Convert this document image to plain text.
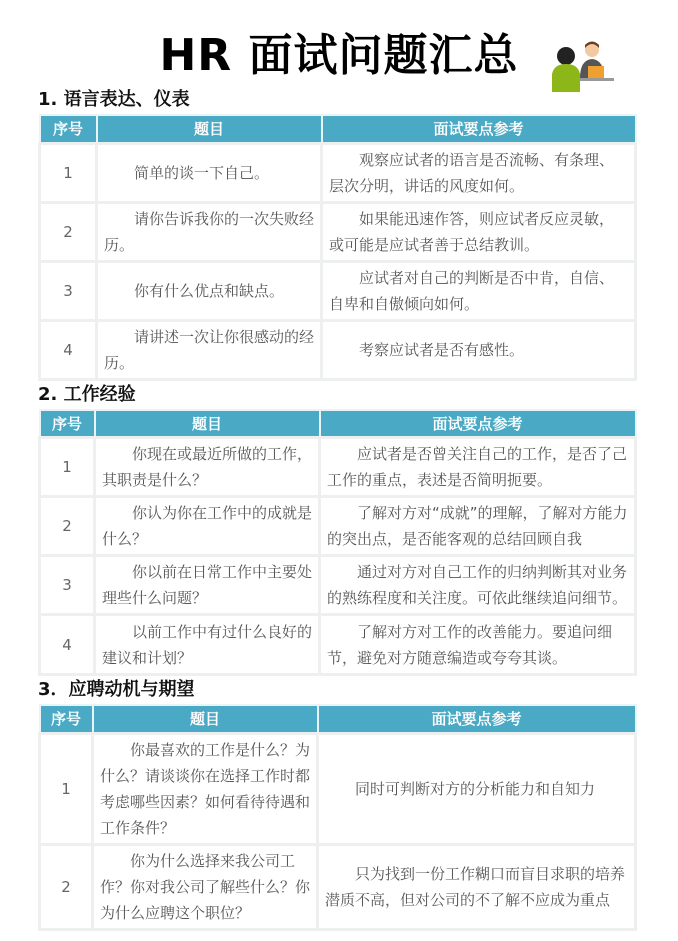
HR 面试问题汇总
1. 语言表达、仪表
序号	题目	面试要点参考
1	简单的谈一下自己。	观察应试者的语言是否流畅、有条理、层次分明，讲话的风度如何。
2	请你告诉我你的一次失败经历。	如果能迅速作答，则应试者反应灵敏，或可能是应试者善于总结教训。
3	你有什么优点和缺点。	应试者对自己的判断是否中肯，自信、自卑和自傲倾向如何。
4	请讲述一次让你很感动的经历。	考察应试者是否有感性。
2. 工作经验
序号	题目	面试要点参考
1	你现在或最近所做的工作，其职责是什么？	应试者是否曾关注自己的工作，是否了己工作的重点，表述是否简明扼要。
2	你认为你在工作中的成就是什么？	了解对方对“成就”的理解，了解对方能力的突出点，是否能客观的总结回顾自我
3	你以前在日常工作中主要处理些什么问题？	通过对方对自己工作的归纳判断其对业务的熟练程度和关注度。可依此继续追问细节。
4	以前工作中有过什么良好的建议和计划？	了解对方对工作的改善能力。要追问细节，避免对方随意编造或夸夸其谈。
3．应聘动机与期望
序号	题目	面试要点参考
1	你最喜欢的工作是什么？为什么？请谈谈你在选择工作时都考虑哪些因素？如何看待待遇和工作条件？	同时可判断对方的分析能力和自知力
2	你为什么选择来我公司工作？你对我公司了解些什么？你为什么应聘这个职位？	只为找到一份工作糊口而盲目求职的培养潜质不高，但对公司的不了解不应成为重点
